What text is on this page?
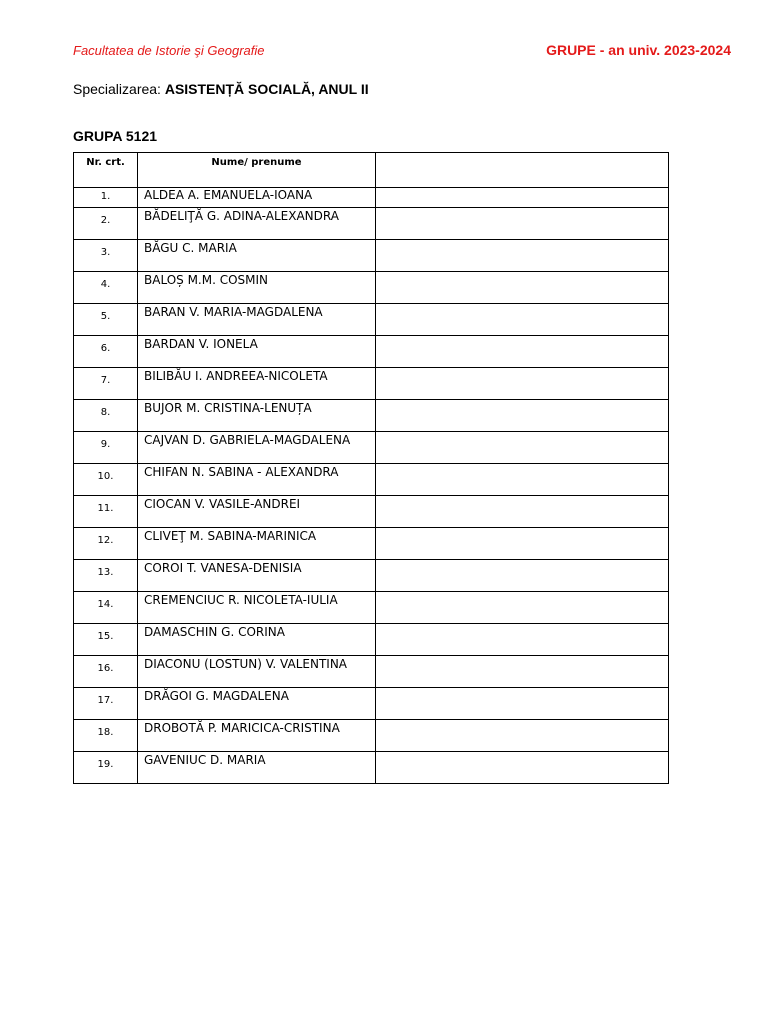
Facultatea de Istorie şi Geografie	GRUPE - an univ. 2023-2024
Specializarea: ASISTENȚĂ SOCIALĂ, ANUL II
GRUPA 5121
Nr. crt.	Nume/ prenume	
1.	ALDEA A. EMANUELA-IOANA	
2.	BĂDELIŢĂ G. ADINA-ALEXANDRA	
3.	BĂGU C. MARIA	
4.	BALOȘ M.M. COSMIN	
5.	BARAN V. MARIA-MAGDALENA	
6.	BARDAN V. IONELA	
7.	BILIBĂU I. ANDREEA-NICOLETA	
8.	BUJOR M. CRISTINA-LENUȚA	
9.	CAJVAN D. GABRIELA-MAGDALENA	
10.	CHIFAN N. SABINA - ALEXANDRA	
11.	CIOCAN V. VASILE-ANDREI	
12.	CLIVEŢ M. SABINA-MARINICA	
13.	COROI T. VANESA-DENISIA	
14.	CREMENCIUC R. NICOLETA-IULIA	
15.	DAMASCHIN G. CORINA	
16.	DIACONU (LOSTUN) V. VALENTINA	
17.	DRĂGOI G. MAGDALENA	
18.	DROBOTĂ P. MARICICA-CRISTINA	
19.	GAVENIUC D. MARIA	
